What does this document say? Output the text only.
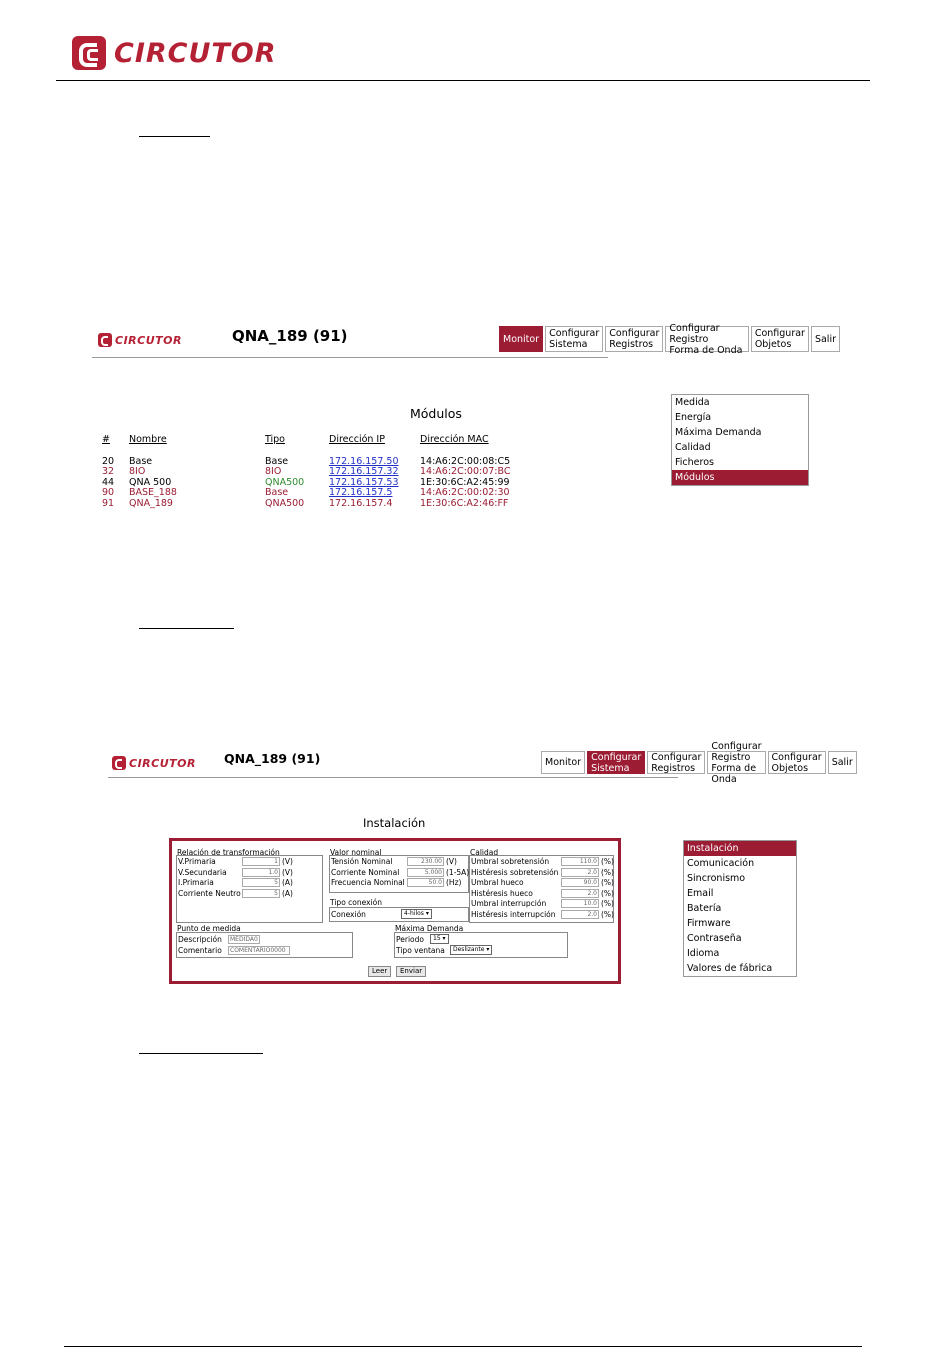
CIRCUTOR
CIRCUTOR	QNA_189 (91)	Monitor	Configurar
Sistema
Configurar
Registros
Configurar Registro
Forma de Onda
Configurar
Objetos	Salir
Medida
Energía
Máxima Demanda
Calidad
Ficheros
Módulos
Módulos
#	Nombre	Tipo	Dirección IP	Dirección MAC
20	Base	Base	172.16.157.50	14:A6:2C:00:08:C5
32	8IO	8IO	172.16.157.32	14:A6:2C:00:07:BC
44	QNA 500	QNA500	172.16.157.53	1E:30:6C:A2:45:99
90	BASE_188	Base	172.16.157.5	14:A6:2C:00:02:30
91	QNA_189	QNA500	172.16.157.4	1E:30:6C:A2:46:FF
CIRCUTOR QNA_189 (91)	Monitor	Configurar
Sistema
Configurar
Registros
Configurar Registro
Forma de Onda
Configurar
Objetos	Salir
Instalación
Instalación
Comunicación
Sincronismo
Email
Batería
Firmware
Contraseña
Idioma
Valores de fábrica
Relación de transformación
V.Primaria	1 (V)
V.Secundaria	1.0 (V)
I.Primaria	5 (A)
Corriente Neutro	5 (A)
Valor nominal
Tensión Nominal	230.00 (V)
Corriente Nominal	5.000 (1-5A)
Frecuencia Nominal	50.0 (Hz)
Tipo conexión
Conexión	4-hilos ▾
Calidad
Umbral sobretensión	110.0 (%)
Histéresis sobretensión	2.0 (%)
Umbral hueco	90.0 (%)
Histéresis hueco	2.0 (%)
Umbral interrupción	10.0 (%)
Histéresis interrupción	2.0 (%)
Punto de medida
Descripción	MEDIDA0
Comentario	COMENTARIO0000
Máxima Demanda
Periodo	15 ▾
Tipo ventana	Deslizante ▾
Leer	Enviar
